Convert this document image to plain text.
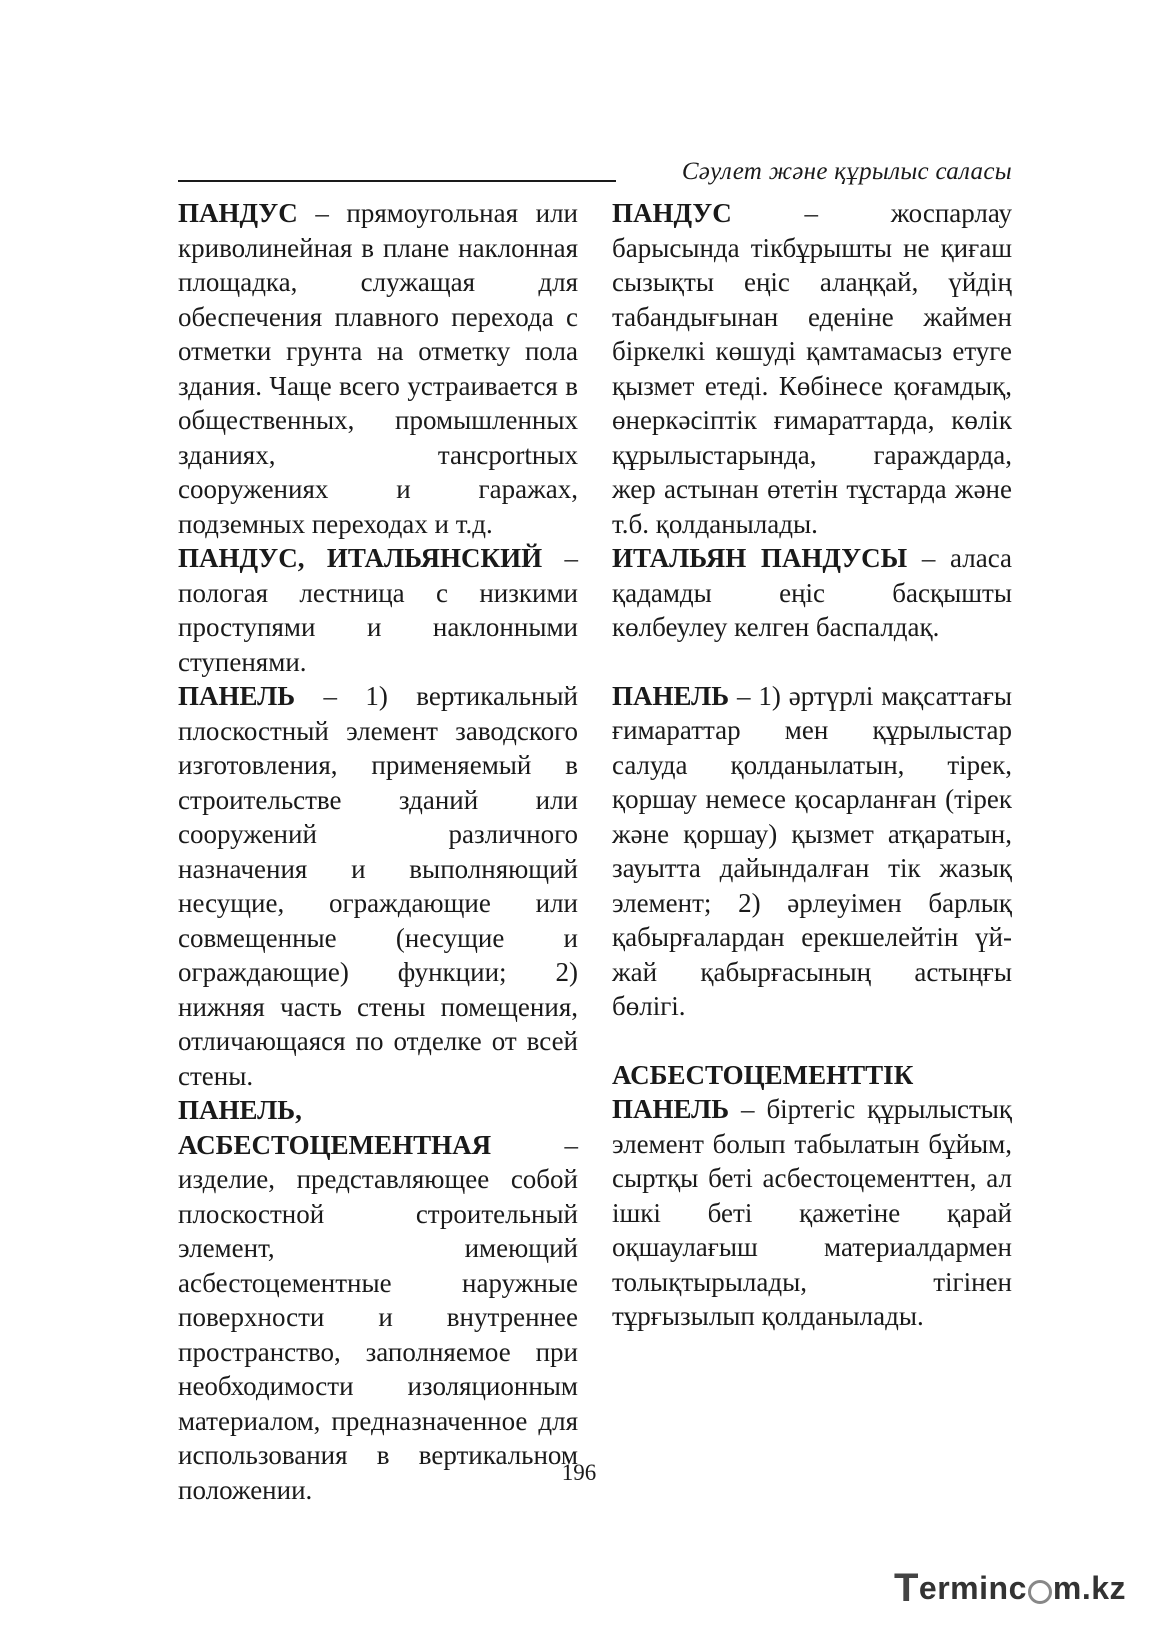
Сәулет және құрылыс саласы

ПАНДУС – прямоугольная или криволинейная в плане наклонная площадка, служащая для обеспечения плавного перехода с отметки грунта на отметку пола здания. Чаще всего устраивается в общественных, промышленных зданиях, тансportных сооружениях и гаражах, подземных переходах и т.д.

ПАНДУС, ИТАЛЬЯНСКИЙ – пологая лестница с низкими проступями и наклонными ступенями.

ПАНЕЛЬ – 1) вертикальный плоскостный элемент заводского изготовления, применяемый в строительстве зданий или сооружений различного назначения и выполняющий несущие, ограждающие или совмещенные (несущие и ограждающие) функции; 2) нижняя часть стены помещения, отличающаяся по отделке от всей стены.

ПАНЕЛЬ, АСБЕСТОЦЕМЕНТНАЯ – изделие, представляющее собой плоскостной строительный элемент, имеющий асбестоцементные наружные поверхности и внутреннее пространство, заполняемое при необходимости изоляционным материалом, предназначенное для использования в вертикальном положении.

ПАНДУС – жоспарлау барысында тікбұрышты не қиғаш сызықты еңіс алаңқай, үйдің табандығынан еденіне жаймен біркелкі көшуді қамтамасыз етуге қызмет етеді. Көбінесе қоғамдық, өнеркәсіптік ғимараттарда, көлік құрылыстарында, гараждарда, жер астынан өтетін тұстарда және т.б. қолданылады.

ИТАЛЬЯН ПАНДУСЫ – аласа қадамды еңіс басқышты көлбеулеу келген баспалдақ.

ПАНЕЛЬ – 1) әртүрлі мақсаттағы ғимараттар мен құрылыстар салуда қолданылатын, тірек, қоршау немесе қосарланған (тірек және қоршау) қызмет атқаратын, зауытта дайындалған тік жазық элемент; 2) әрлеуімен барлық қабырғалардан ерекшелейтін үй-жай қабырғасының астыңғы бөлігі.

АСБЕСТОЦЕМЕНТТІК ПАНЕЛЬ – біртегіс құрылыстық элемент болып табылатын бұйым, сыртқы беті асбестоцементтен, ал ішкі беті қажетіне қарай оқшаулағыш материалдармен толықтырылады, тігінен тұрғызылып қолданылады.

196
T erminc m.kz
